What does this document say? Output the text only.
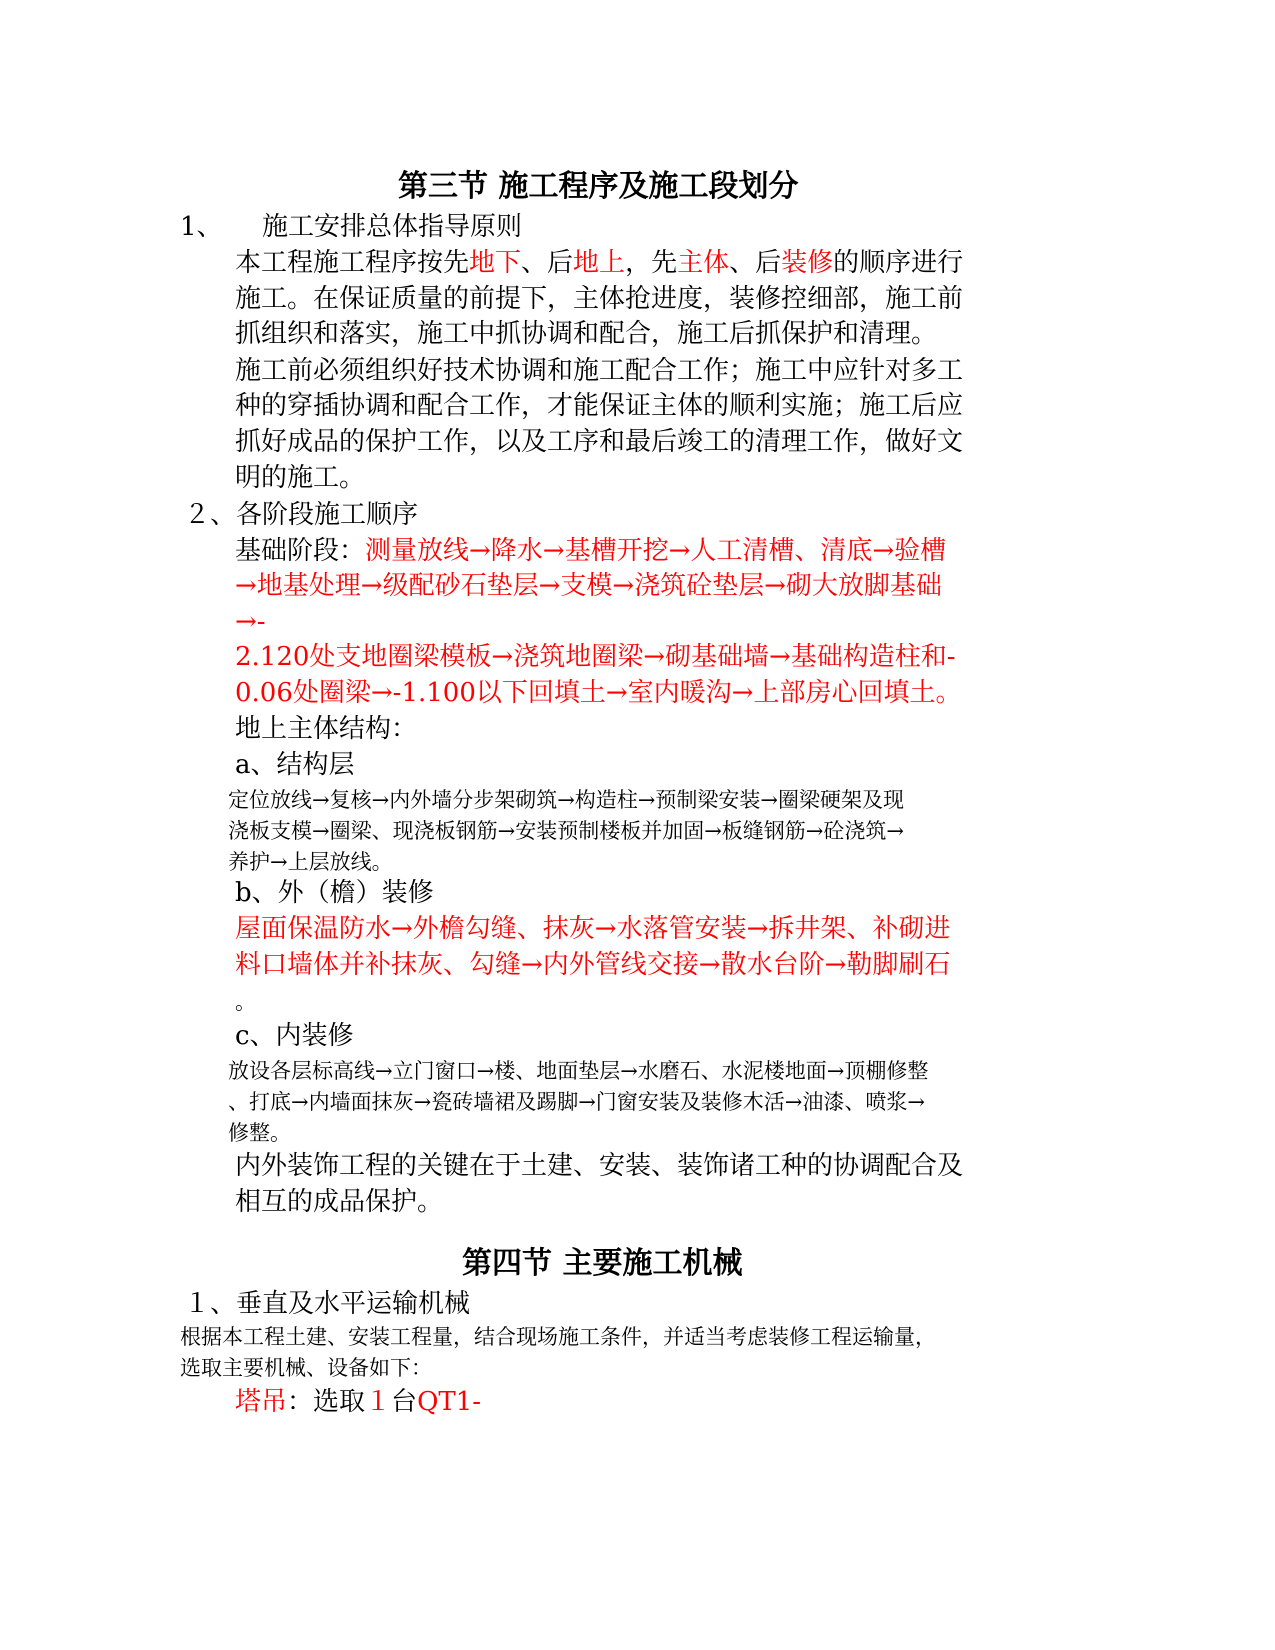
第三节 施工程序及施工段划分
1、 施工安排总体指导原则
本工程施工程序按先地下、后地上，先主体、后装修的顺序进行
施工。在保证质量的前提下，主体抢进度，装修控细部，施工前
抓组织和落实，施工中抓协调和配合，施工后抓保护和清理。
施工前必须组织好技术协调和施工配合工作；施工中应针对多工
种的穿插协调和配合工作，才能保证主体的顺利实施；施工后应
抓好成品的保护工作，以及工序和最后竣工的清理工作，做好文
明的施工。
２、各阶段施工顺序
基础阶段：测量放线→降水→基槽开挖→人工清槽、清底→验槽
→地基处理→级配砂石垫层→支模→浇筑砼垫层→砌大放脚基础
→-
2.120处支地圈梁模板→浇筑地圈梁→砌基础墙→基础构造柱和-
0.06处圈梁→-1.100以下回填土→室内暖沟→上部房心回填土。
地上主体结构：
a、结构层
定位放线→复核→内外墙分步架砌筑→构造柱→预制梁安装→圈梁硬架及现
浇板支模→圈梁、现浇板钢筋→安装预制楼板并加固→板缝钢筋→砼浇筑→
养护→上层放线。
b、外（檐）装修
屋面保温防水→外檐勾缝、抹灰→水落管安装→拆井架、补砌进
料口墙体并补抹灰、勾缝→内外管线交接→散水台阶→勒脚刷石
。
c、内装修
放设各层标高线→立门窗口→楼、地面垫层→水磨石、水泥楼地面→顶棚修整
、打底→内墙面抹灰→瓷砖墙裙及踢脚→门窗安装及装修木活→油漆、喷浆→
修整。
内外装饰工程的关键在于土建、安装、装饰诸工种的协调配合及
相互的成品保护。
第四节 主要施工机械
１、垂直及水平运输机械
根据本工程土建、安装工程量，结合现场施工条件，并适当考虑装修工程运输量，
选取主要机械、设备如下：
塔吊：选取１台QT1-
